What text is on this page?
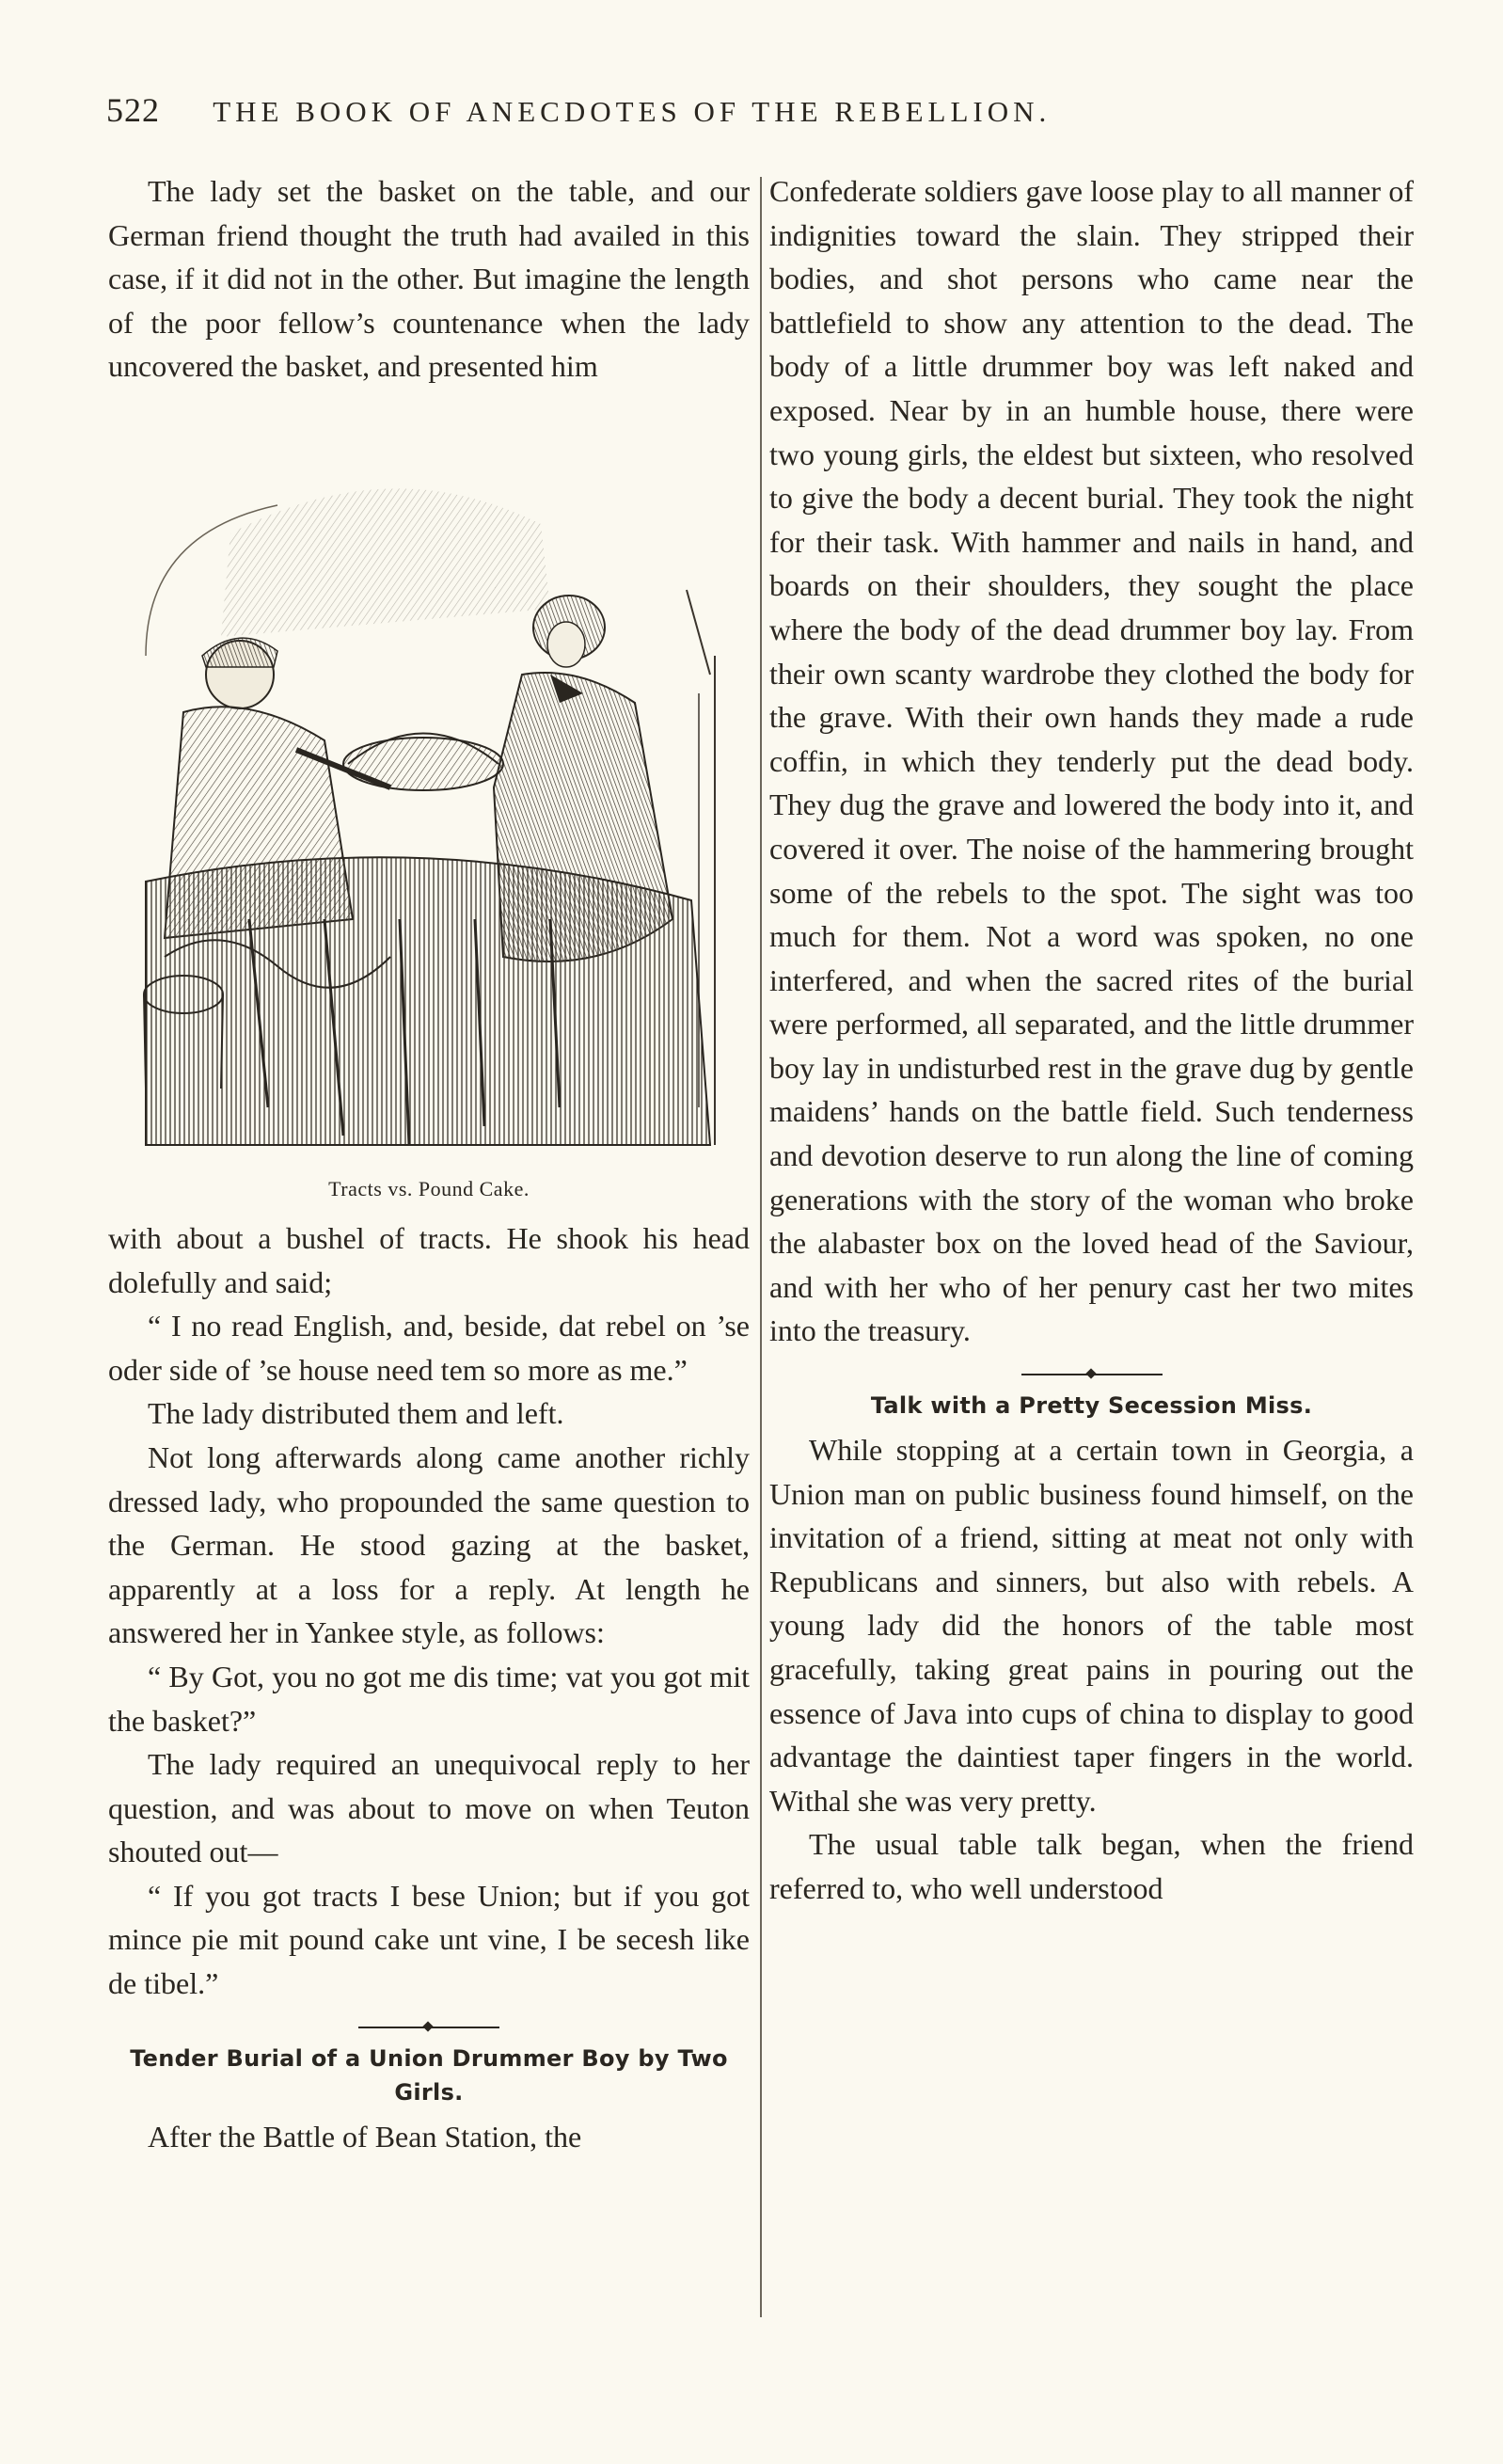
522 THE BOOK OF ANECDOTES OF THE REBELLION.

The lady set the basket on the table, and our German friend thought the truth had availed in this case, if it did not in the other. But imagine the length of the poor fellow’s countenance when the lady uncovered the basket, and presented him

Tracts vs. Pound Cake.

with about a bushel of tracts. He shook his head dolefully and said;

“ I no read English, and, beside, dat rebel on ’se oder side of ’se house need tem so more as me.”

The lady distributed them and left.

Not long afterwards along came another richly dressed lady, who propounded the same question to the German. He stood gazing at the basket, apparently at a loss for a reply. At length he answered her in Yankee style, as follows:

“ By Got, you no got me dis time; vat you got mit the basket?”

The lady required an unequivocal reply to her question, and was about to move on when Teuton shouted out—

“ If you got tracts I bese Union; but if you got mince pie mit pound cake unt vine, I be secesh like de tibel.”

Tender Burial of a Union Drummer Boy by Two Girls.

After the Battle of Bean Station, the

Confederate soldiers gave loose play to all manner of indignities toward the slain. They stripped their bodies, and shot persons who came near the battlefield to show any attention to the dead. The body of a little drummer boy was left naked and exposed. Near by in an humble house, there were two young girls, the eldest but sixteen, who resolved to give the body a decent burial. They took the night for their task. With hammer and nails in hand, and boards on their shoulders, they sought the place where the body of the dead drummer boy lay. From their own scanty wardrobe they clothed the body for the grave. With their own hands they made a rude coffin, in which they tenderly put the dead body. They dug the grave and lowered the body into it, and covered it over. The noise of the hammering brought some of the rebels to the spot. The sight was too much for them. Not a word was spoken, no one interfered, and when the sacred rites of the burial were performed, all separated, and the little drummer boy lay in undisturbed rest in the grave dug by gentle maidens’ hands on the battle field. Such tenderness and devotion deserve to run along the line of coming generations with the story of the woman who broke the alabaster box on the loved head of the Saviour, and with her who of her penury cast her two mites into the treasury.

Talk with a Pretty Secession Miss.

While stopping at a certain town in Georgia, a Union man on public business found himself, on the invitation of a friend, sitting at meat not only with Republicans and sinners, but also with rebels. A young lady did the honors of the table most gracefully, taking great pains in pouring out the essence of Java into cups of china to display to good advantage the daintiest taper fingers in the world. Withal she was very pretty.

The usual table talk began, when the friend referred to, who well understood
